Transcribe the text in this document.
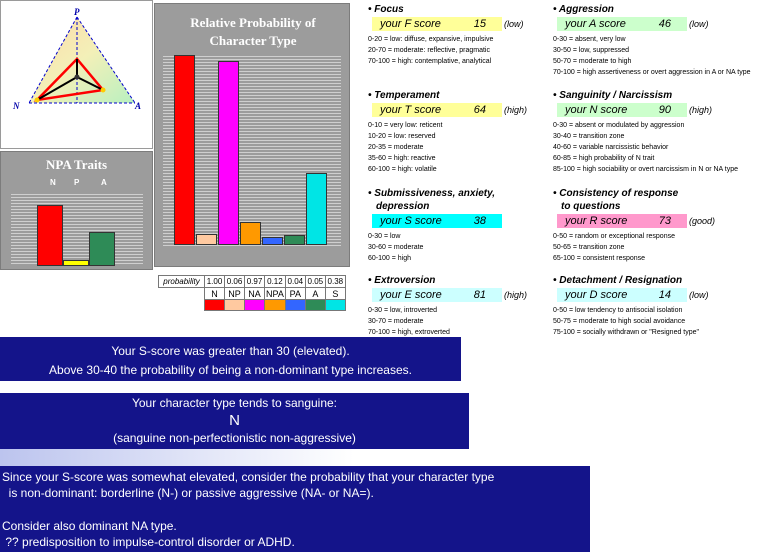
P
N	A
NPA Traits
N P	A
Relative Probability of
Character Type
probability	1.00	0.06	0.97	0.12	0.04	0.05	0.38
	N	NP	NA	NPA	PA	A	S

• Focus
your F score	15 (low)
0-20 = low: diffuse, expansive, impulsive
20-70 = moderate: reflective, pragmatic
70-100 = high: contemplative, analytical
• Temperament
your T score	64 (high)
0-10 = very low: reticent
10-20 = low: reserved
20-35 = moderate
35-60 = high: reactive
60-100 = high: volatile
• Submissiveness, anxiety,
depression
your S score	38
0-30 = low
30-60 = moderate
60-100 = high
• Extroversion
your E score	81 (high)
0-30 = low, introverted
30-70 = moderate
70-100 = high, extroverted
• Aggression
your A score	46 (low)
0-30 = absent, very low
30-50 = low, suppressed
50-70 = moderate to high
70-100 = high assertiveness or overt aggression in A or NA type
• Sanguinity / Narcissism
your N score	90 (high)
0-30 = absent or modulated by aggression
30-40 = transition zone
40-60 = variable narcissistic behavior
60-85 = high probability of N trait
85-100 = high sociability or overt narcissism in N or NA type
• Consistency of response
to questions
your R score	73 (good)
0-50 = random or exceptional response
50-65 = transition zone
65-100 = consistent response
• Detachment / Resignation
your D score	14 (low)
0-50 = low tendency to antisocial isolation
50-75 = moderate to high social avoidance
75-100 = socially withdrawn or "Resigned type"
Your S-score was greater than 30 (elevated).
Above 30-40 the probability of being a non-dominant type increases.
Your character type tends to sanguine:
N
(sanguine non-perfectionistic non-aggressive)
Since your S-score was somewhat elevated, consider the probability that your character type
is non-dominant: borderline (N-) or passive aggressive (NA- or NA=).
Consider also dominant NA type.
?? predisposition to impulse-control disorder or ADHD.
